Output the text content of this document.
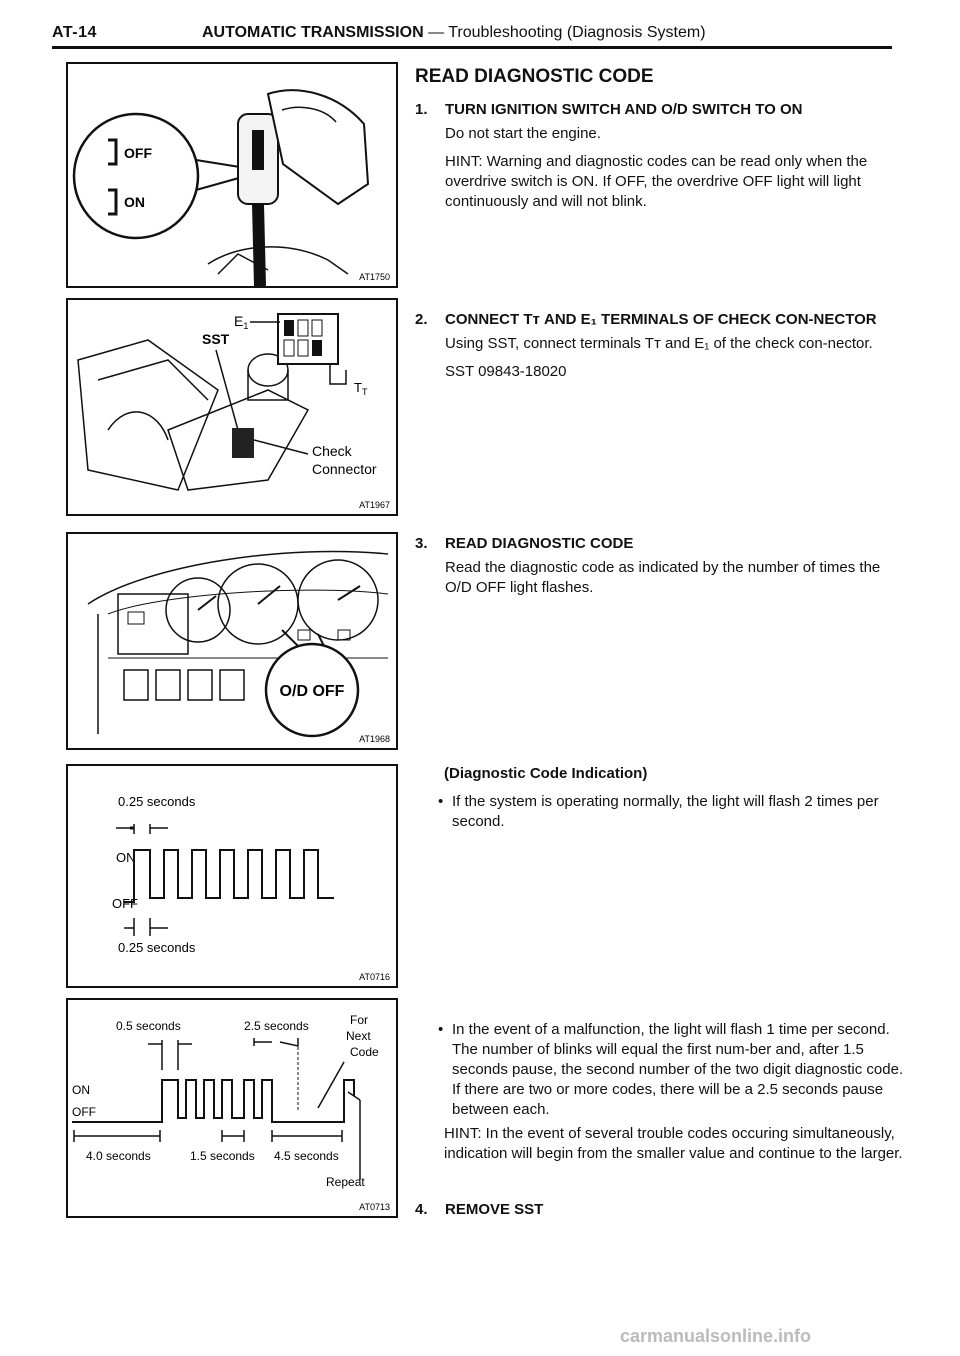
AT-14	AUTOMATIC TRANSMISSION — Troubleshooting (Diagnosis System)
OFF
ON
AT1750
$E_1$
SST
$T_T$
Check
Connector
AT1967
O/D OFF
AT1968
0.25 seconds
ON
OFF
0.25 seconds
AT0716
0.5 seconds	2.5 seconds	For
Next
Code
ON
OFF
4.0 seconds	1.5 seconds 4.5 seconds
Repeat
AT0713
READ DIAGNOSTIC CODE
1. TURN IGNITION SWITCH AND O/D SWITCH TO ON

Do not start the engine.

HINT: Warning and diagnostic codes can be read only when the overdrive switch is ON. If OFF, the overdrive OFF light will light continuously and will not blink.

2. CONNECT Tт AND E₁ TERMINALS OF CHECK CON-NECTOR

Using SST, connect terminals Tт and E₁ of the check con-nector.

SST 09843-18020

3. READ DIAGNOSTIC CODE

Read the diagnostic code as indicated by the number of times the O/D OFF light flashes.

(Diagnostic Code Indication)
• If the system is operating normally, the light will flash 2 times per second.
• In the event of a malfunction, the light will flash 1 time per second. The number of blinks will equal the first num-ber and, after 1.5 seconds pause, the second number of the two digit diagnostic code. If there are two or more codes, there will be a 2.5 seconds pause between each.
HINT: In the event of several trouble codes occuring simultaneously, indication will begin from the smaller value and continue to the larger.
4. REMOVE SST
carmanualsonline.info
